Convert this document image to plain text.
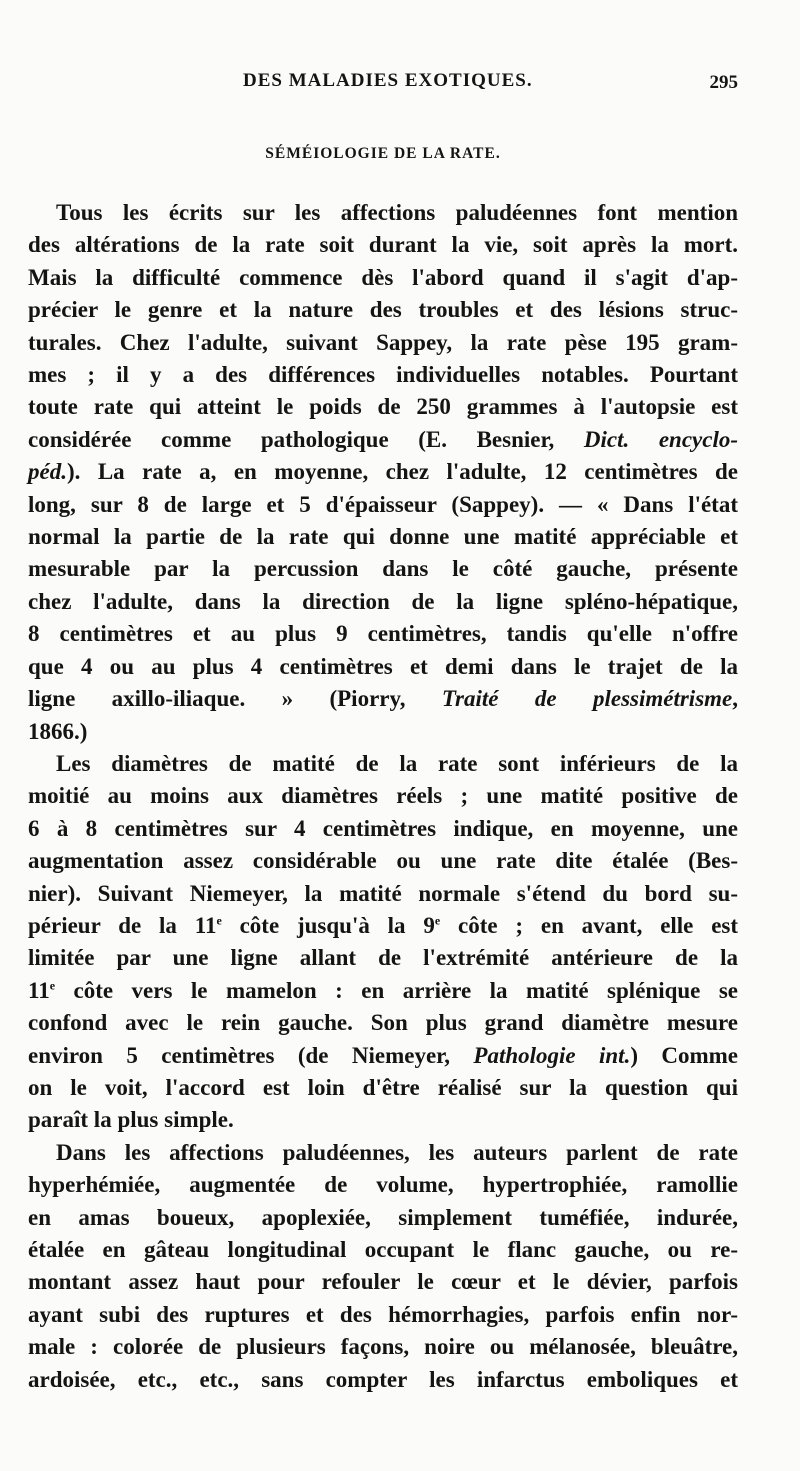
DES MALADIES EXOTIQUES.	295
SÉMÉIOLOGIE DE LA RATE.
Tous les écrits sur les affections paludéennes font mention
des altérations de la rate soit durant la vie, soit après la mort.
Mais la difficulté commence dès l'abord quand il s'agit d'ap-
précier le genre et la nature des troubles et des lésions struc-
turales. Chez l'adulte, suivant Sappey, la rate pèse 195 gram-
mes ; il y a des différences individuelles notables. Pourtant
toute rate qui atteint le poids de 250 grammes à l'autopsie est
considérée comme pathologique (E. Besnier, Dict. encyclo-
péd.). La rate a, en moyenne, chez l'adulte, 12 centimètres de
long, sur 8 de large et 5 d'épaisseur (Sappey). — « Dans l'état
normal la partie de la rate qui donne une matité appréciable et
mesurable par la percussion dans le côté gauche, présente
chez l'adulte, dans la direction de la ligne spléno-hépatique,
8 centimètres et au plus 9 centimètres, tandis qu'elle n'offre
que 4 ou au plus 4 centimètres et demi dans le trajet de la
ligne axillo-iliaque. » (Piorry, Traité de plessimétrisme,
1866.)
Les diamètres de matité de la rate sont inférieurs de la
moitié au moins aux diamètres réels ; une matité positive de
6 à 8 centimètres sur 4 centimètres indique, en moyenne, une
augmentation assez considérable ou une rate dite étalée (Bes-
nier). Suivant Niemeyer, la matité normale s'étend du bord su-
périeur de la 11e côte jusqu'à la 9e côte ; en avant, elle est
limitée par une ligne allant de l'extrémité antérieure de la
11e côte vers le mamelon : en arrière la matité splénique se
confond avec le rein gauche. Son plus grand diamètre mesure
environ 5 centimètres (de Niemeyer, Pathologie int.) Comme
on le voit, l'accord est loin d'être réalisé sur la question qui
paraît la plus simple.
Dans les affections paludéennes, les auteurs parlent de rate
hyperhémiée, augmentée de volume, hypertrophiée, ramollie
en amas boueux, apoplexiée, simplement tuméfiée, indurée,
étalée en gâteau longitudinal occupant le flanc gauche, ou re-
montant assez haut pour refouler le cœur et le dévier, parfois
ayant subi des ruptures et des hémorrhagies, parfois enfin nor-
male : colorée de plusieurs façons, noire ou mélanosée, bleuâtre,
ardoisée, etc., etc., sans compter les infarctus emboliques et
